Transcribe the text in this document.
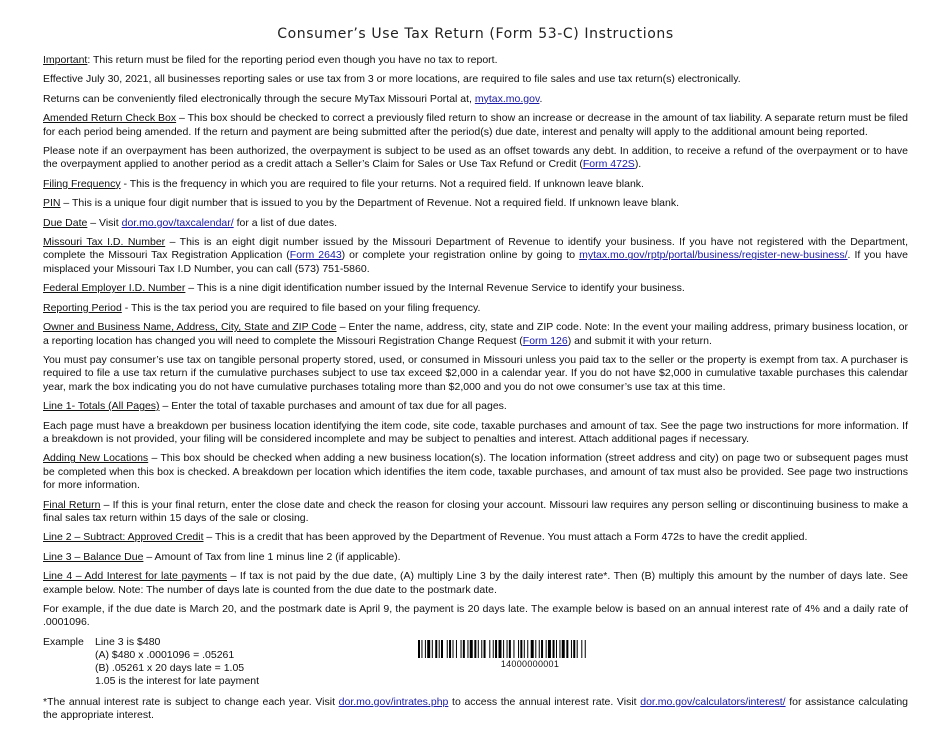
Consumer’s Use Tax Return (Form 53-C) Instructions

Important: This return must be filed for the reporting period even though you have no tax to report.

Effective July 30, 2021, all businesses reporting sales or use tax from 3 or more locations, are required to file sales and use tax return(s) electronically.

Returns can be conveniently filed electronically through the secure MyTax Missouri Portal at, mytax.mo.gov.

Amended Return Check Box – This box should be checked to correct a previously filed return to show an increase or decrease in the amount of tax liability. A separate return must be filed for each period being amended. If the return and payment are being submitted after the period(s) due date, interest and penalty will apply to the additional amount being reported.

Please note if an overpayment has been authorized, the overpayment is subject to be used as an offset towards any debt. In addition, to receive a refund of the overpayment or to have the overpayment applied to another period as a credit attach a Seller’s Claim for Sales or Use Tax Refund or Credit (Form 472S).

Filing Frequency - This is the frequency in which you are required to file your returns. Not a required field. If unknown leave blank.

PIN – This is a unique four digit number that is issued to you by the Department of Revenue. Not a required field. If unknown leave blank.

Due Date – Visit dor.mo.gov/taxcalendar/ for a list of due dates.

Missouri Tax I.D. Number – This is an eight digit number issued by the Missouri Department of Revenue to identify your business. If you have not registered with the Department, complete the Missouri Tax Registration Application (Form 2643) or complete your registration online by going to mytax.mo.gov/rptp/portal/business/register-new-business/. If you have misplaced your Missouri Tax I.D Number, you can call (573) 751-5860.

Federal Employer I.D. Number – This is a nine digit identification number issued by the Internal Revenue Service to identify your business.

Reporting Period - This is the tax period you are required to file based on your filing frequency.

Owner and Business Name, Address, City, State and ZIP Code – Enter the name, address, city, state and ZIP code. Note: In the event your mailing address, primary business location, or a reporting location has changed you will need to complete the Missouri Registration Change Request (Form 126) and submit it with your return.

You must pay consumer’s use tax on tangible personal property stored, used, or consumed in Missouri unless you paid tax to the seller or the property is exempt from tax. A purchaser is required to file a use tax return if the cumulative purchases subject to use tax exceed $2,000 in a calendar year. If you do not have $2,000 in cumulative taxable purchases this calendar year, mark the box indicating you do not have cumulative purchases totaling more than $2,000 and you do not owe consumer’s use tax at this time.

Line 1- Totals (All Pages) – Enter the total of taxable purchases and amount of tax due for all pages.

Each page must have a breakdown per business location identifying the item code, site code, taxable purchases and amount of tax. See the page two instructions for more information. If a breakdown is not provided, your filing will be considered incomplete and may be subject to penalties and interest. Attach additional pages if necessary.

Adding New Locations – This box should be checked when adding a new business location(s). The location information (street address and city) on page two or subsequent pages must be completed when this box is checked. A breakdown per location which identifies the item code, taxable purchases, and amount of tax must also be provided. See page two instructions for more information.

Final Return – If this is your final return, enter the close date and check the reason for closing your account. Missouri law requires any person selling or discontinuing business to make a final sales tax return within 15 days of the sale or closing.

Line 2 – Subtract: Approved Credit – This is a credit that has been approved by the Department of Revenue. You must attach a Form 472s to have the credit applied.

Line 3 – Balance Due – Amount of Tax from line 1 minus line 2 (if applicable).

Line 4 – Add Interest for late payments – If tax is not paid by the due date, (A) multiply Line 3 by the daily interest rate*. Then (B) multiply this amount by the number of days late. See example below. Note: The number of days late is counted from the due date to the postmark date.

For example, if the due date is March 20, and the postmark date is April 9, the payment is 20 days late. The example below is based on an annual interest rate of 4% and a daily rate of .0001096.

Example	Line 3 is $480
(A) $480 x .0001096 = .05261
(B) .05261 x 20 days late = 1.05
1.05 is the interest for late payment
14000000001

*The annual interest rate is subject to change each year. Visit dor.mo.gov/intrates.php to access the annual interest rate. Visit dor.mo.gov/calculators/interest/ for assistance calculating the appropriate interest.
